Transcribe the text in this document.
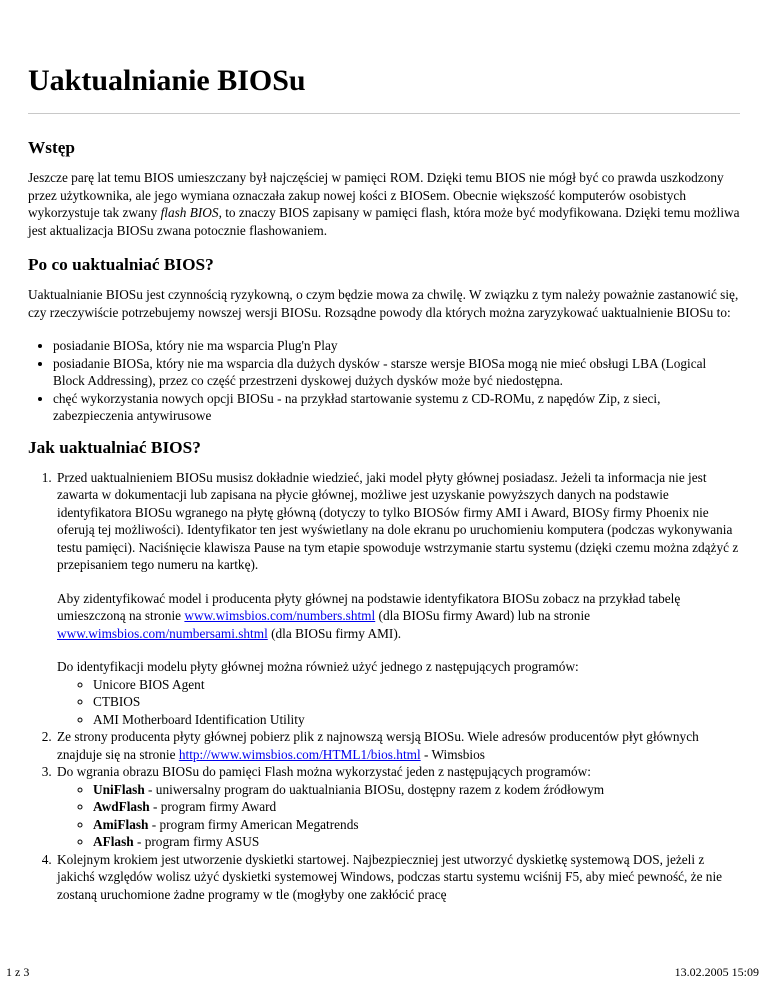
Uaktualnianie BIOSu
Wstęp

Jeszcze parę lat temu BIOS umieszczany był najczęściej w pamięci ROM. Dzięki temu BIOS nie mógł być co prawda uszkodzony przez użytkownika, ale jego wymiana oznaczała zakup nowej kości z BIOSem. Obecnie większość komputerów osobistych wykorzystuje tak zwany flash BIOS, to znaczy BIOS zapisany w pamięci flash, która może być modyfikowana. Dzięki temu możliwa jest aktualizacja BIOSu zwana potocznie flashowaniem.

Po co uaktualniać BIOS?

Uaktualnianie BIOSu jest czynnością ryzykowną, o czym będzie mowa za chwilę. W związku z tym należy poważnie zastanowić się, czy rzeczywiście potrzebujemy nowszej wersji BIOSu. Rozsądne powody dla których można zaryzykować uaktualnienie BIOSu to:

• posiadanie BIOSa, który nie ma wsparcia Plug'n Play
• posiadanie BIOSa, który nie ma wsparcia dla dużych dysków - starsze wersje BIOSa mogą nie mieć obsługi LBA (Logical Block Addressing), przez co część przestrzeni dyskowej dużych dysków może być niedostępna.
• chęć wykorzystania nowych opcji BIOSu - na przykład startowanie systemu z CD-ROMu, z napędów Zip, z sieci, zabezpieczenia antywirusowe
Jak uaktualniać BIOS?

1. Przed uaktualnieniem BIOSu musisz dokładnie wiedzieć, jaki model płyty głównej posiadasz. Jeżeli ta informacja nie jest zawarta w dokumentacji lub zapisana na płycie głównej, możliwe jest uzyskanie powyższych danych na podstawie identyfikatora BIOSu wgranego na płytę główną (dotyczy to tylko BIOSów firmy AMI i Award, BIOSy firmy Phoenix nie oferują tej możliwości). Identyfikator ten jest wyświetlany na dole ekranu po uruchomieniu komputera (podczas wykonywania testu pamięci). Naciśnięcie klawisza Pause na tym etapie spowoduje wstrzymanie startu systemu (dzięki czemu można zdążyć z przepisaniem tego numeru na kartkę).

Aby zidentyfikować model i producenta płyty głównej na podstawie identyfikatora BIOSu zobacz na przykład tabelę umieszczoną na stronie www.wimsbios.com/numbers.shtml (dla BIOSu firmy Award) lub na stronie www.wimsbios.com/numbersami.shtml (dla BIOSu firmy AMI).

Do identyfikacji modelu płyty głównej można również użyć jednego z następujących programów:
◦ Unicore BIOS Agent
◦ CTBIOS
◦ AMI Motherboard Identification Utility
2. Ze strony producenta płyty głównej pobierz plik z najnowszą wersją BIOSu. Wiele adresów producentów płyt głównych znajduje się na stronie http://www.wimsbios.com/HTML1/bios.html - Wimsbios
3. Do wgrania obrazu BIOSu do pamięci Flash można wykorzystać jeden z następujących programów:
◦ UniFlash - uniwersalny program do uaktualniania BIOSu, dostępny razem z kodem źródłowym
◦ AwdFlash - program firmy Award
◦ AmiFlash - program firmy American Megatrends
◦ AFlash - program firmy ASUS
4. Kolejnym krokiem jest utworzenie dyskietki startowej. Najbezpieczniej jest utworzyć dyskietkę systemową DOS, jeżeli z jakichś względów wolisz użyć dyskietki systemowej Windows, podczas startu systemu wciśnij F5, aby mieć pewność, że nie zostaną uruchomione żadne programy w tle (mogłyby one zakłócić pracę
1 z 3	13.02.2005 15:09
